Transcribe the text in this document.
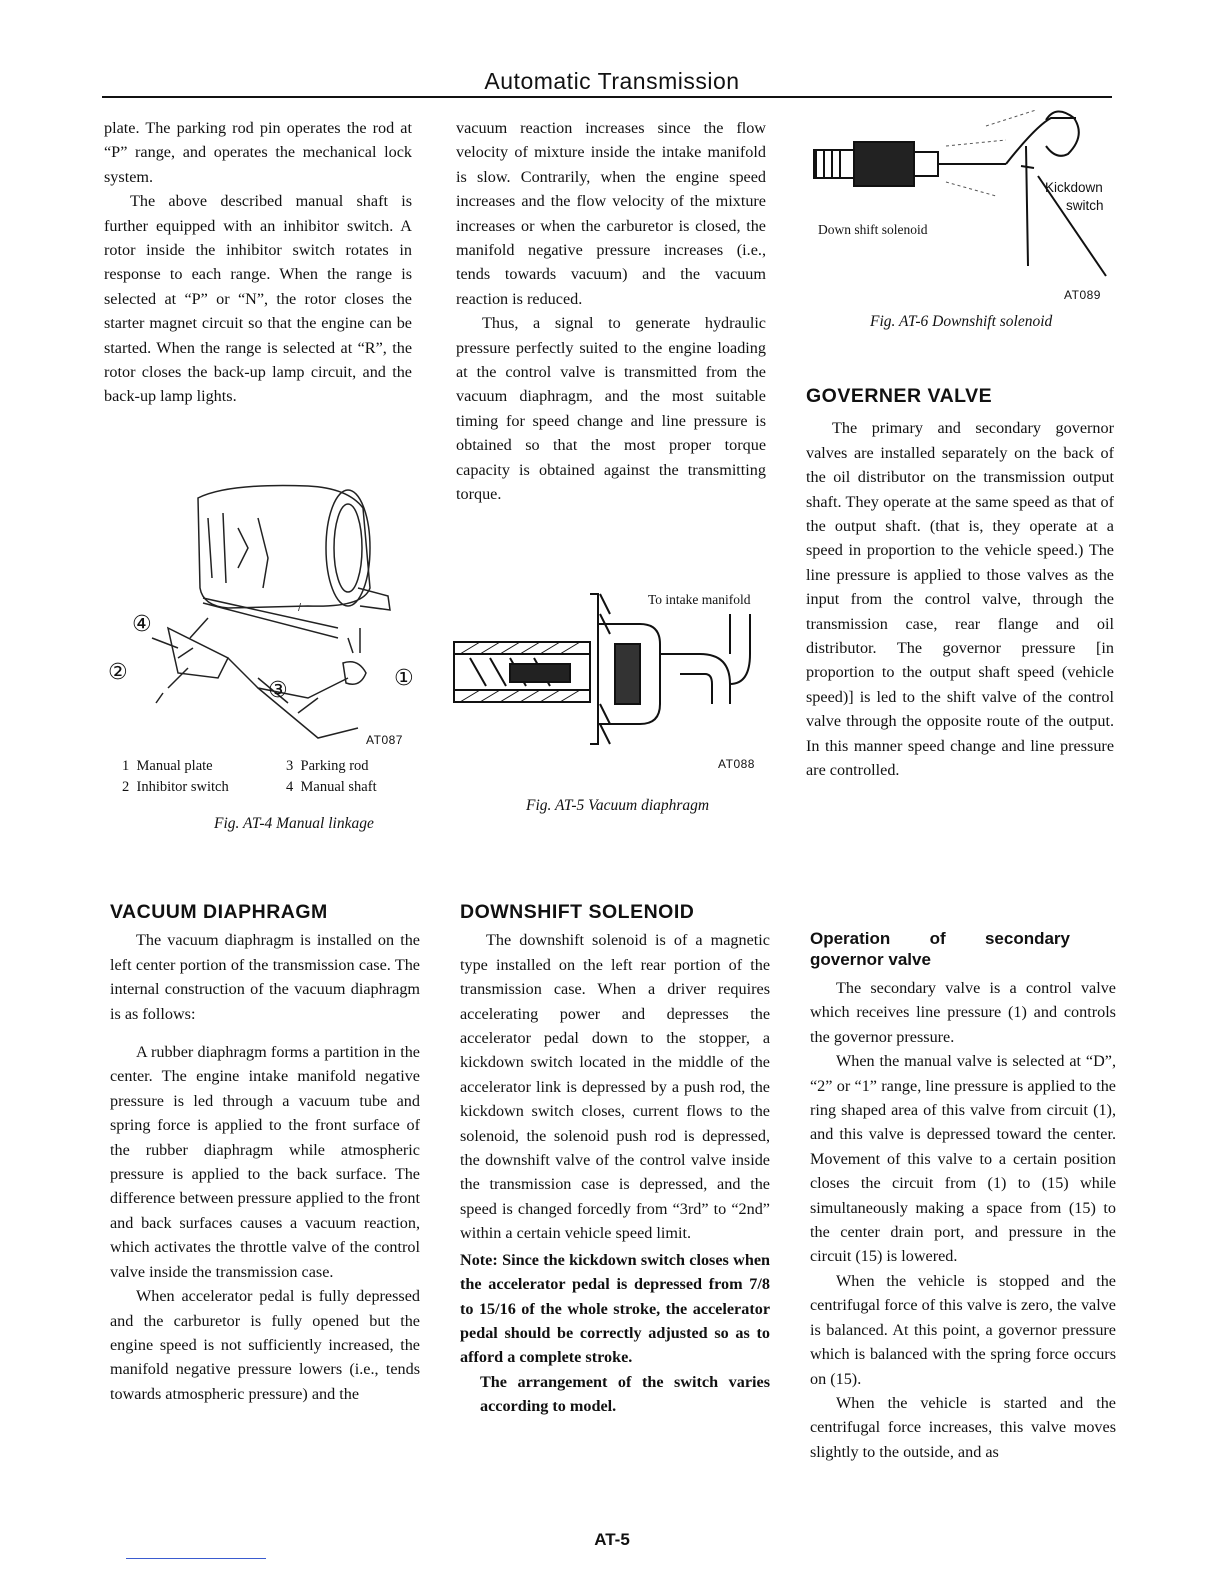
Automatic Transmission

plate. The parking rod pin operates the rod at “P” range, and operates the mechanical lock system.

The above described manual shaft is further equipped with an inhibitor switch. A rotor inside the inhibitor switch rotates in response to each range. When the range is selected at “P” or “N”, the rotor closes the starter magnet circuit so that the engine can be started. When the range is selected at “R”, the rotor closes the back-up lamp circuit, and the back-up lamp lights.

/
④
②
③	①
AT087
1 Manual plate	3 Parking rod
2 Inhibitor switch	4 Manual shaft
Fig. AT-4 Manual linkage
VACUUM DIAPHRAGM

The vacuum diaphragm is installed on the left center portion of the transmission case. The internal construction of the vacuum diaphragm is as follows:

A rubber diaphragm forms a partition in the center. The engine intake manifold negative pressure is led through a vacuum tube and spring force is applied to the front surface of the rubber diaphragm while atmospheric pressure is applied to the back surface. The difference between pressure applied to the front and back surfaces causes a vacuum reaction, which activates the throttle valve of the control valve inside the transmission case.

When accelerator pedal is fully depressed and the carburetor is fully opened but the engine speed is not sufficiently increased, the manifold negative pressure lowers (i.e., tends towards atmospheric pressure) and the

vacuum reaction increases since the flow velocity of mixture inside the intake manifold is slow. Contrarily, when the engine speed increases and the flow velocity of the mixture increases or when the carburetor is closed, the manifold negative pressure increases (i.e., tends towards vacuum) and the vacuum reaction is reduced.

Thus, a signal to generate hydraulic pressure perfectly suited to the engine loading at the control valve is transmitted from the vacuum diaphragm, and the most suitable timing for speed change and line pressure is obtained so that the most proper torque capacity is obtained against the transmitting torque.

To intake manifold
AT088
Fig. AT-5 Vacuum diaphragm
DOWNSHIFT SOLENOID

The downshift solenoid is of a magnetic type installed on the left rear portion of the transmission case. When a driver requires accelerating power and depresses the accelerator pedal down to the stopper, a kickdown switch located in the middle of the accelerator link is depressed by a push rod, the kickdown switch closes, current flows to the solenoid, the solenoid push rod is depressed, the downshift valve of the control valve inside the transmission case is depressed, and the speed is changed forcedly from “3rd” to “2nd” within a certain vehicle speed limit.

Note: Since the kickdown switch closes when the accelerator pedal is depressed from 7/8 to 15/16 of the whole stroke, the accelerator pedal should be correctly adjusted so as to afford a complete stroke.

The arrangement of the switch varies according to model.

Kickdown
switch
Down shift solenoid
AT089
Fig. AT-6 Downshift solenoid
GOVERNER VALVE

The primary and secondary governor valves are installed separately on the back of the oil distributor on the transmission output shaft. They operate at the same speed as that of the output shaft. (that is, they operate at a speed in proportion to the vehicle speed.) The line pressure is applied to those valves as the input from the control valve, through the transmission case, rear flange and oil distributor. The governor pressure [in proportion to the output shaft speed (vehicle speed)] is led to the shift valve of the control valve through the opposite route of the output. In this manner speed change and line pressure are controlled.

Operation of secondary governor valve

The secondary valve is a control valve which receives line pressure (1) and controls the governor pressure.

When the manual valve is selected at “D”, “2” or “1” range, line pressure is applied to the ring shaped area of this valve from circuit (1), and this valve is depressed toward the center. Movement of this valve to a certain position closes the circuit from (1) to (15) while simultaneously making a space from (15) to the center drain port, and pressure in the circuit (15) is lowered.

When the vehicle is stopped and the centrifugal force of this valve is zero, the valve is balanced. At this point, a governor pressure which is balanced with the spring force occurs on (15).

When the vehicle is started and the centrifugal force increases, this valve moves slightly to the outside, and as

AT-5
